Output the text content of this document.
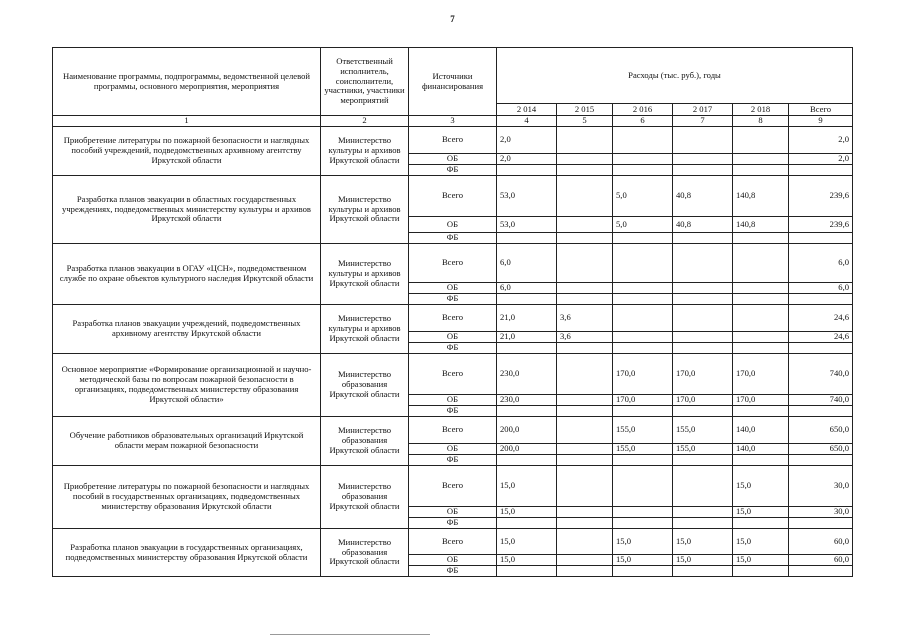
7
Наименование программы, подпрограммы, ведомственной целевой программы, основного мероприятия, мероприятия	Ответственный исполнитель, соисполнители, участники, участники мероприятий	Источники финансирования	Расходы (тыс. руб.), годы					
			2 014	2 015	2 016	2 017	2 018	Всего
1	2	3	4	5	6	7	8	9
Приобретение литературы по пожарной безопасности и наглядных пособий учреждений, подведомственных архивному агентству Иркутской области	Министерство культуры и архивов Иркутской области	Всего	2,0					2,0
		ОБ	2,0					2,0
		ФБ						
Разработка планов эвакуации в областных государственных учреждениях, подведомственных министерству культуры и архивов Иркутской области	Министерство культуры и архивов Иркутской области	Всего	53,0		5,0	40,8	140,8	239,6
		ОБ	53,0		5,0	40,8	140,8	239,6
		ФБ						
Разработка планов эвакуации в ОГАУ «ЦСН», подведомственном службе по охране объектов культурного наследия Иркутской области	Министерство культуры и архивов Иркутской области	Всего	6,0					6,0
		ОБ	6,0					6,0
		ФБ						
Разработка планов эвакуации учреждений, подведомственных архивному агентству Иркутской области	Министерство культуры и архивов Иркутской области	Всего	21,0	3,6				24,6
		ОБ	21,0	3,6				24,6
		ФБ						
Основное мероприятие «Формирование организационной и научно-методической базы по вопросам пожарной безопасности в организациях, подведомственных министерству образования Иркутской области»	Министерство образования Иркутской области	Всего	230,0		170,0	170,0	170,0	740,0
		ОБ	230,0		170,0	170,0	170,0	740,0
		ФБ						
Обучение работников образовательных организаций Иркутской области мерам пожарной безопасности	Министерство образования Иркутской области	Всего	200,0		155,0	155,0	140,0	650,0
		ОБ	200,0		155,0	155,0	140,0	650,0
		ФБ						
Приобретение литературы по пожарной безопасности и наглядных пособий в государственных организациях, подведомственных министерству образования Иркутской области	Министерство образования Иркутской области	Всего	15,0				15,0	30,0
		ОБ	15,0				15,0	30,0
		ФБ						
Разработка планов эвакуации в государственных организациях, подведомственных министерству образования Иркутской области	Министерство образования Иркутской области	Всего	15,0		15,0	15,0	15,0	60,0
		ОБ	15,0		15,0	15,0	15,0	60,0
		ФБ						
